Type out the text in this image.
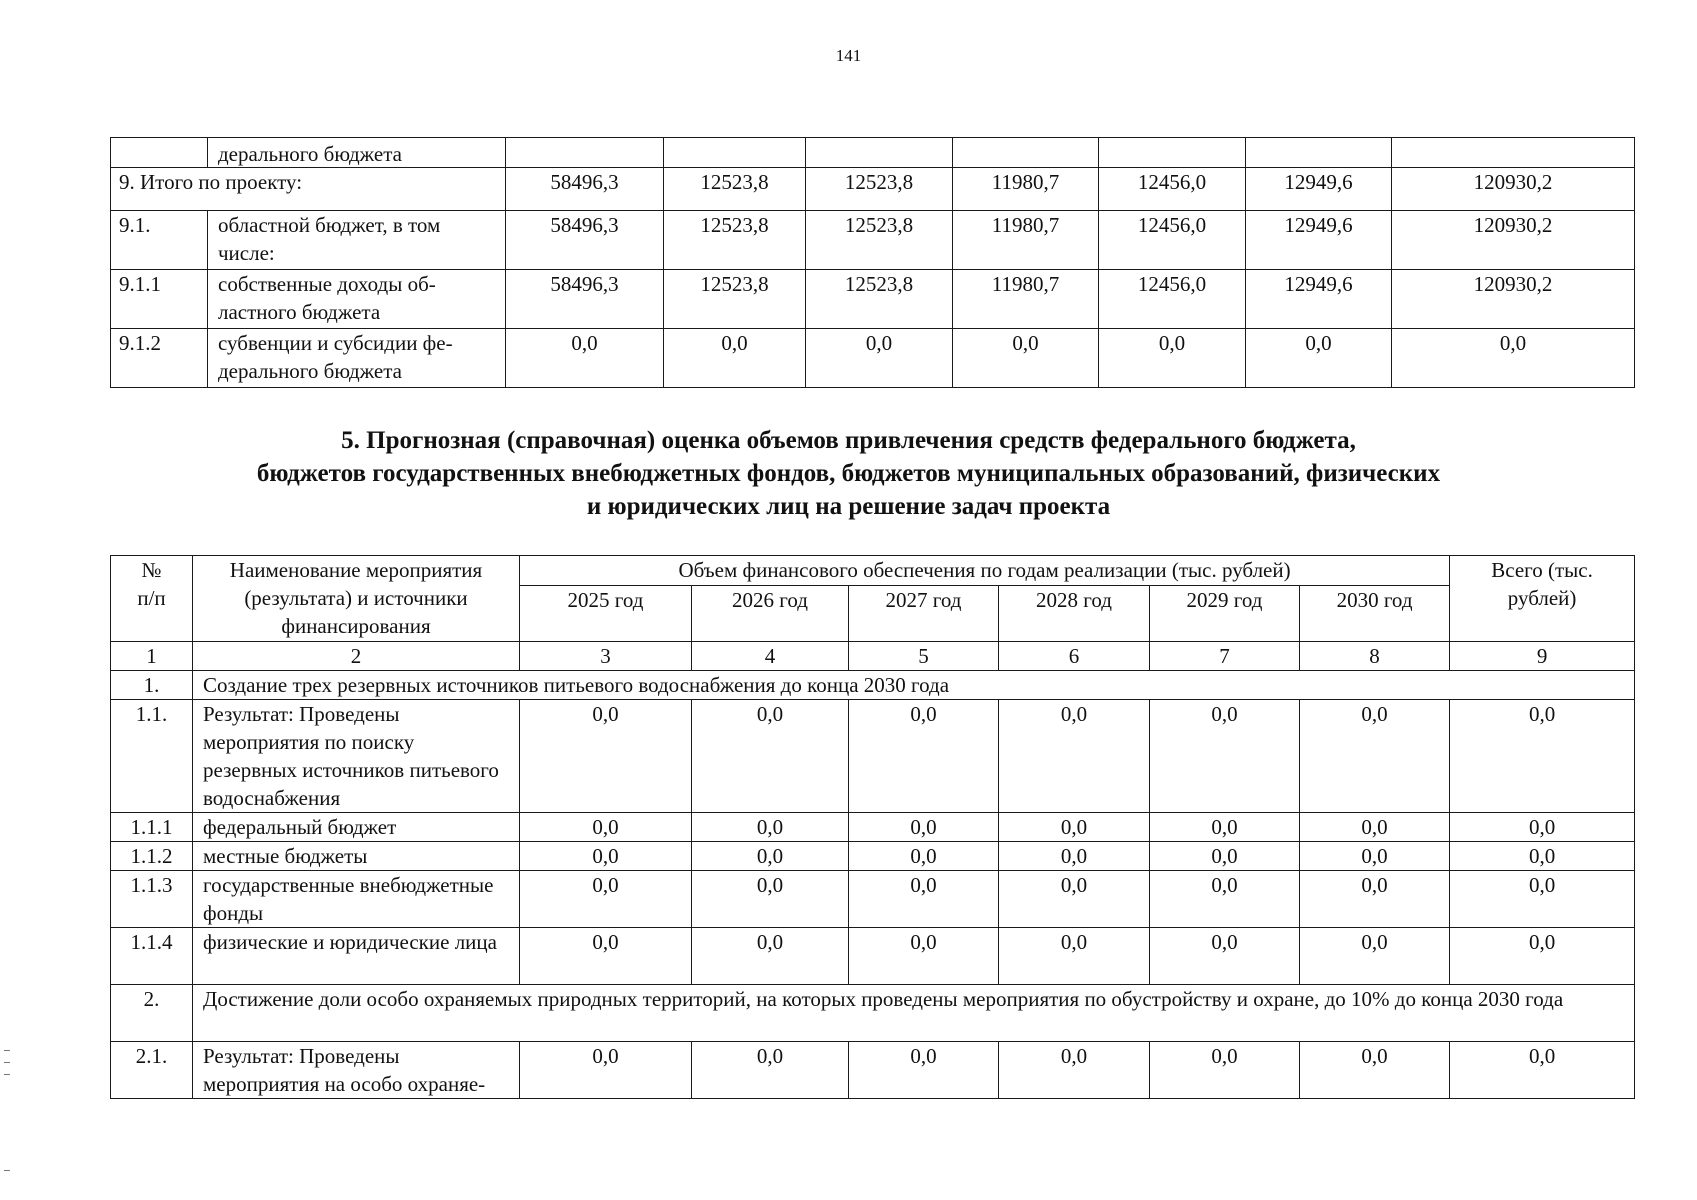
141
	дерального бюджета							
9. Итого по проекту:		58496,3	12523,8	12523,8	11980,7	12456,0	12949,6	120930,2
9.1.	областной бюджет, в том числе:	58496,3	12523,8	12523,8	11980,7	12456,0	12949,6	120930,2
9.1.1	собственные доходы об-ластного бюджета	58496,3	12523,8	12523,8	11980,7	12456,0	12949,6	120930,2
9.1.2	субвенции и субсидии фе-дерального бюджета	0,0	0,0	0,0	0,0	0,0	0,0	0,0
5. Прогнозная (справочная) оценка объемов привлечения средств федерального бюджета,
бюджетов государственных внебюджетных фондов, бюджетов муниципальных образований, физических
и юридических лиц на решение задач проекта
№ п/п	Наименование мероприятия (результата) и источники финансирования	Объем финансового обеспечения по годам реализации (тыс. рублей)						Всего (тыс. рублей)
		2025 год	2026 год	2027 год	2028 год	2029 год	2030 год	
1	2	3	4	5	6	7	8	9
1.	Создание трех резервных источников питьевого водоснабжения до конца 2030 года							
1.1.	Результат: Проведены мероприятия по поиску резервных источников питьевого водоснабжения	0,0	0,0	0,0	0,0	0,0	0,0	0,0
1.1.1	федеральный бюджет	0,0	0,0	0,0	0,0	0,0	0,0	0,0
1.1.2	местные бюджеты	0,0	0,0	0,0	0,0	0,0	0,0	0,0
1.1.3	государственные внебюджетные фонды	0,0	0,0	0,0	0,0	0,0	0,0	0,0
1.1.4	физические и юридические лица	0,0	0,0	0,0	0,0	0,0	0,0	0,0
2.	Достижение доли особо охраняемых природных территорий, на которых проведены мероприятия по обустройству и охране, до 10% до конца 2030 года							
2.1.	Результат: Проведены мероприятия на особо охраняе-	0,0	0,0	0,0	0,0	0,0	0,0	0,0
